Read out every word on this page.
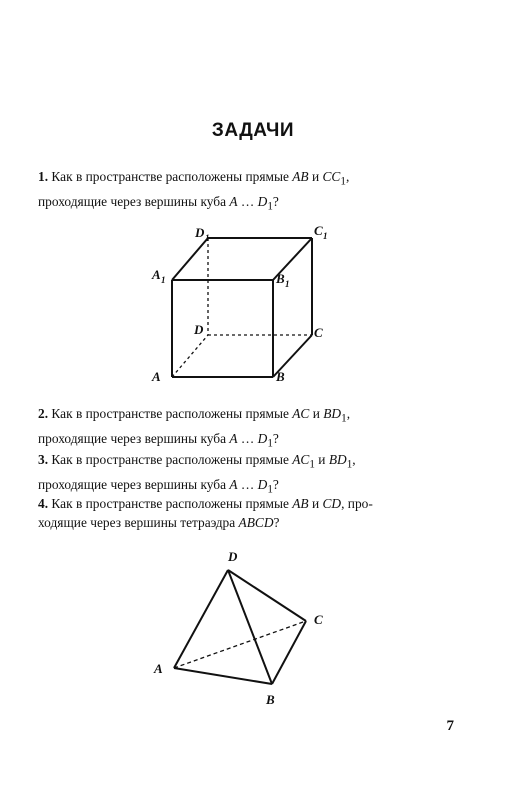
ЗАДАЧИ
1. Как в пространстве расположены прямые AB и $CC_1$,
проходящие через вершины куба A … $D_1$?
D 1	C 1
A 1	B 1
D	C
A	B
2. Как в пространстве расположены прямые AC и $BD_1$,
проходящие через вершины куба A … $D_1$?
3. Как в пространстве расположены прямые $AC_1$ и $BD_1$,
проходящие через вершины куба A … $D_1$?
4. Как в пространстве расположены прямые AB и CD, про-
ходящие через вершины тетраэдра ABCD?
D
C
A
B
7
